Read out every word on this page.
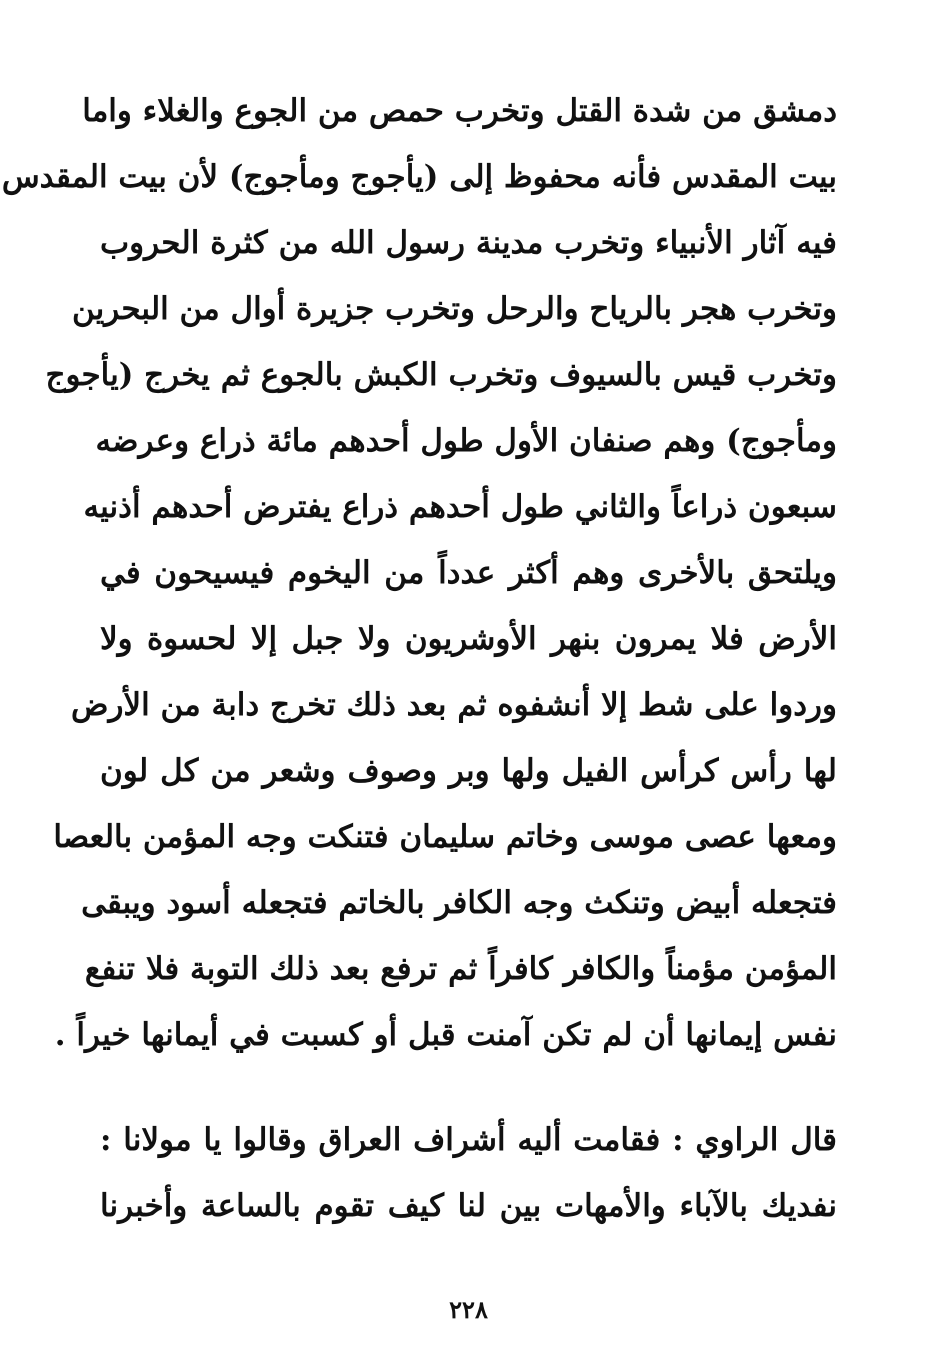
دمشق من شدة القتل وتخرب حمص من الجوع والغلاء واما
بيت المقدس فأنه محفوظ إلى (يأجوج ومأجوج) لأن بيت المقدس
فيه آثار الأنبياء وتخرب مدينة رسول الله من كثرة الحروب
وتخرب هجر بالرياح والرحل وتخرب جزيرة أوال من البحرين
وتخرب قيس بالسيوف وتخرب الكبش بالجوع ثم يخرج (يأجوج
ومأجوج) وهم صنفان الأول طول أحدهم مائة ذراع وعرضه
سبعون ذراعاً والثاني طول أحدهم ذراع يفترض أحدهم أذنيه
ويلتحق بالأخرى وهم أكثر عدداً من اليخوم فيسيحون في
الأرض فلا يمرون بنهر الأوشريون ولا جبل إلا لحسوة ولا
وردوا على شط إلا أنشفوه ثم بعد ذلك تخرج دابة من الأرض
لها رأس كرأس الفيل ولها وبر وصوف وشعر من كل لون
ومعها عصى موسى وخاتم سليمان فتنكت وجه المؤمن بالعصا
فتجعله أبيض وتنكث وجه الكافر بالخاتم فتجعله أسود ويبقى
المؤمن مؤمناً والكافر كافراً ثم ترفع بعد ذلك التوبة فلا تنفع
نفس إيمانها أن لم تكن آمنت قبل أو كسبت في أيمانها خيراً .
قال الراوي : فقامت أليه أشراف العراق وقالوا يا مولانا :
نفديك بالآباء والأمهات بين لنا كيف تقوم بالساعة وأخبرنا
٢٢٨
